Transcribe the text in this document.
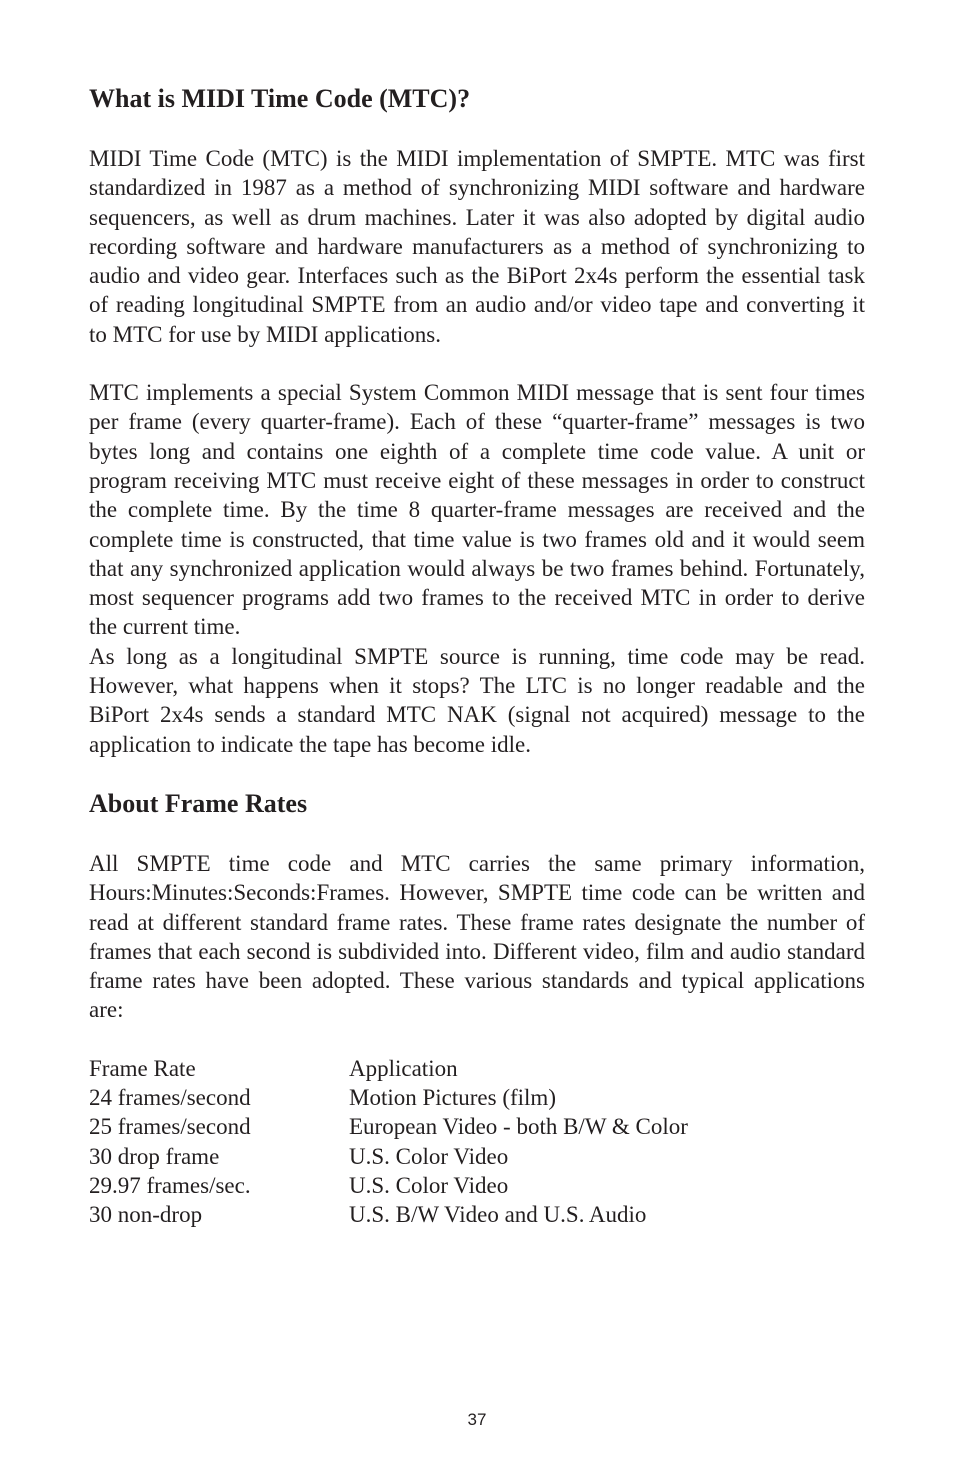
What is MIDI Time Code (MTC)?

MIDI Time Code (MTC) is the MIDI implementation of SMPTE. MTC was first standardized in 1987 as a method of synchronizing MIDI software and hardware sequencers, as well as drum machines. Later it was also adopted by digital audio recording software and hardware manufacturers as a method of synchronizing to audio and video gear. Interfaces such as the BiPort 2x4s perform the essential task of reading longitudinal SMPTE from an audio and/or video tape and converting it to MTC for use by MIDI applications.

MTC implements a special System Common MIDI message that is sent four times per frame (every quarter-frame). Each of these “quarter-frame” messages is two bytes long and contains one eighth of a complete time code value. A unit or program receiving MTC must receive eight of these messages in order to construct the complete time. By the time 8 quarter-frame messages are received and the complete time is constructed, that time value is two frames old and it would seem that any synchronized application would always be two frames behind. Fortunately, most sequencer programs add two frames to the received MTC in order to derive the current time.

As long as a longitudinal SMPTE source is running, time code may be read. However, what happens when it stops? The LTC is no longer readable and the BiPort 2x4s sends a standard MTC NAK (signal not acquired) message to the application to indicate the tape has become idle.

About Frame Rates

All SMPTE time code and MTC carries the same primary information, Hours:Minutes:Seconds:Frames. However, SMPTE time code can be written and read at different standard frame rates. These frame rates designate the number of frames that each second is subdivided into. Different video, film and audio standard frame rates have been adopted. These various standards and typical applications are:

Frame Rate	Application
24 frames/second	Motion Pictures (film)
25 frames/second	European Video - both B/W & Color
30 drop frame	U.S. Color Video
29.97 frames/sec.	U.S. Color Video
30 non-drop	U.S. B/W Video and U.S. Audio
37
